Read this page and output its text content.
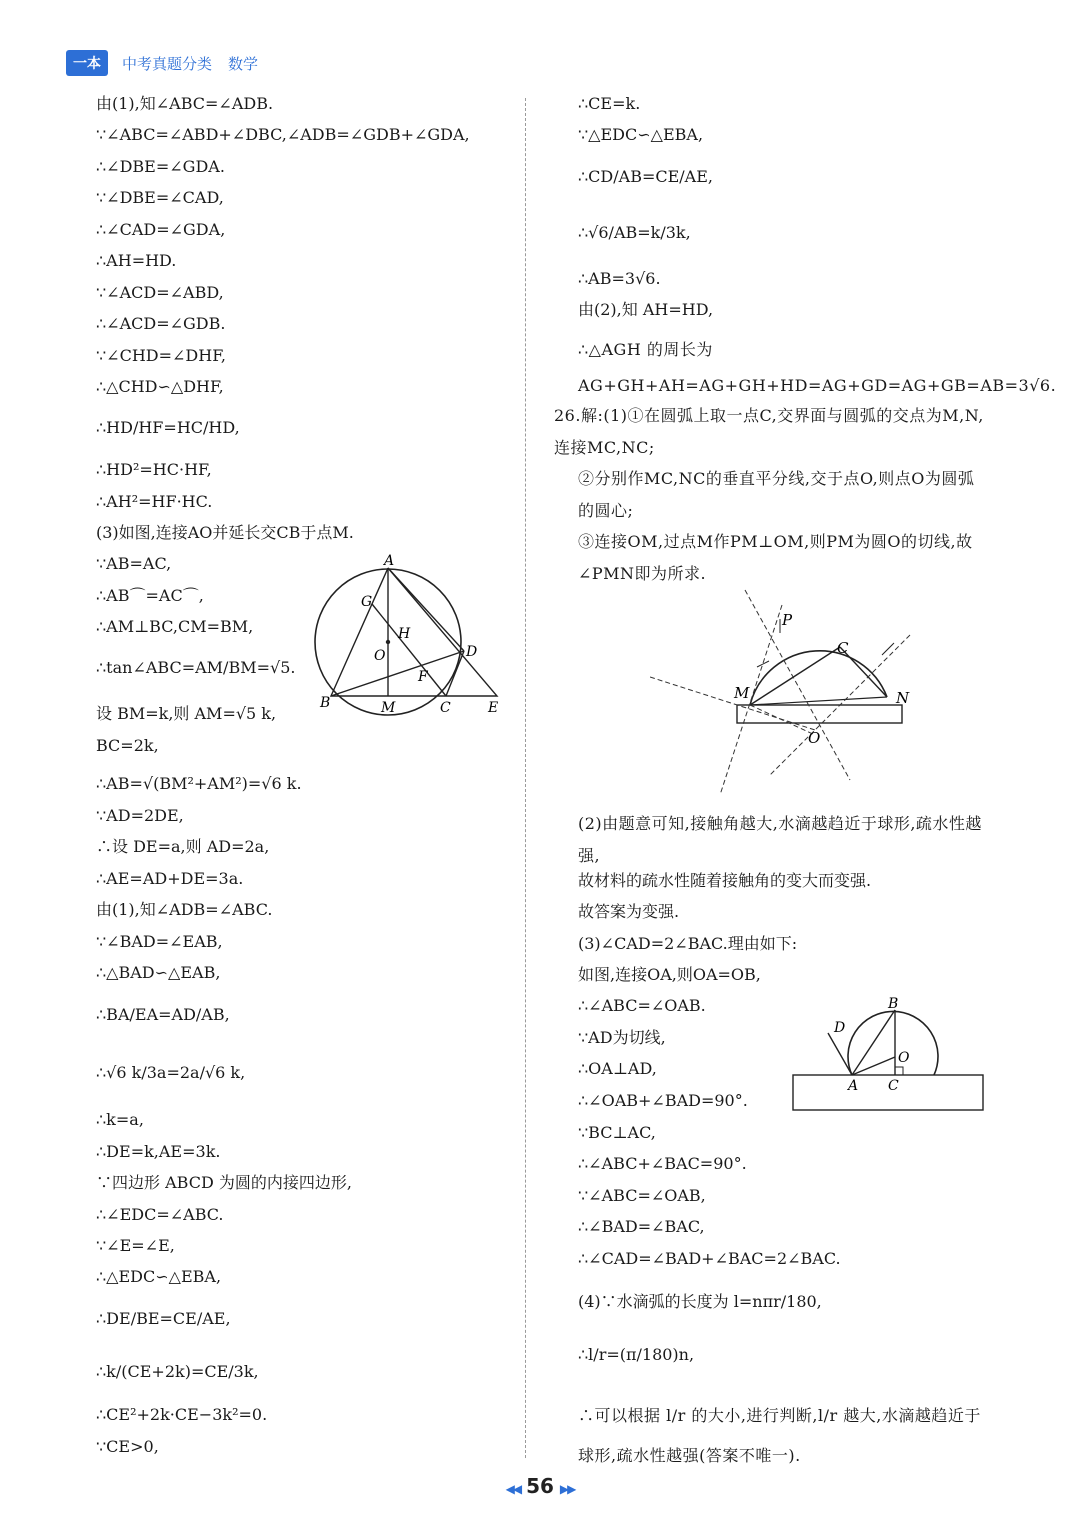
一本	中考真题分类 数学
由(1),知∠ABC=∠ADB.
∵∠ABC=∠ABD+∠DBC,∠ADB=∠GDB+∠GDA,
∴∠DBE=∠GDA.
∵∠DBE=∠CAD,
∴∠CAD=∠GDA,
∴AH=HD.
∵∠ACD=∠ABD,
∴∠ACD=∠GDB.
∵∠CHD=∠DHF,
∴△CHD∽△DHF,
∴HD/HF=HC/HD,
∴HD²=HC·HF,
∴AH²=HF·HC.
(3)如图,连接AO并延长交CB于点M.
∵AB=AC,
∴AB⌒=AC⌒,
∴AM⊥BC,CM=BM,
∴tan∠ABC=AM/BM=√5.
设 BM=k,则 AM=√5 k,
BC=2k,
∴AB=√(BM²+AM²)=√6 k.
∵AD=2DE,
∴设 DE=a,则 AD=2a,
∴AE=AD+DE=3a.
由(1),知∠ADB=∠ABC.
∵∠BAD=∠EAB,
∴△BAD∽△EAB,
∴BA/EA=AD/AB,
∴√6 k/3a=2a/√6 k,
∴k=a,
∴DE=k,AE=3k.
∵四边形 ABCD 为圆的内接四边形,
∴∠EDC=∠ABC.
∵∠E=∠E,
∴△EDC∽△EBA,
∴DE/BE=CE/AE,
∴k/(CE+2k)=CE/3k,
∴CE²+2k·CE−3k²=0.
∵CE>0,
A
G
H
O	D
F
B	M	C	E
∴CE=k.
∵△EDC∽△EBA,
∴CD/AB=CE/AE,
∴√6/AB=k/3k,
∴AB=3√6.
由(2),知 AH=HD,
∴△AGH 的周长为 AG+GH+AH=AG+GH+HD=AG+GD=AG+GB=AB=3√6.
26.解:(1)①在圆弧上取一点C,交界面与圆弧的交点为M,N,连接MC,NC;
②分别作MC,NC的垂直平分线,交于点O,则点O为圆弧的圆心;
③连接OM,过点M作PM⊥OM,则PM为圆O的切线,故∠PMN即为所求.
(2)由题意可知,接触角越大,水滴越趋近于球形,疏水性越强,
故材料的疏水性随着接触角的变大而变强.
故答案为变强.
(3)∠CAD=2∠BAC.理由如下:
如图,连接OA,则OA=OB,
∴∠ABC=∠OAB.
∵AD为切线,
∴OA⊥AD,
∴∠OAB+∠BAD=90°.
∵BC⊥AC,
∴∠ABC+∠BAC=90°.
∵∠ABC=∠OAB,
∴∠BAD=∠BAC,
∴∠CAD=∠BAD+∠BAC=2∠BAC.
(4)∵水滴弧的长度为 l=nπr/180,
∴l/r=(π/180)n,
∴可以根据 l/r 的大小,进行判断,l/r 越大,水滴越趋近于球形,疏水性越强(答案不唯一).
P
C
M	N
O
B
D
O
A C
◀◀ 56 ▶▶
